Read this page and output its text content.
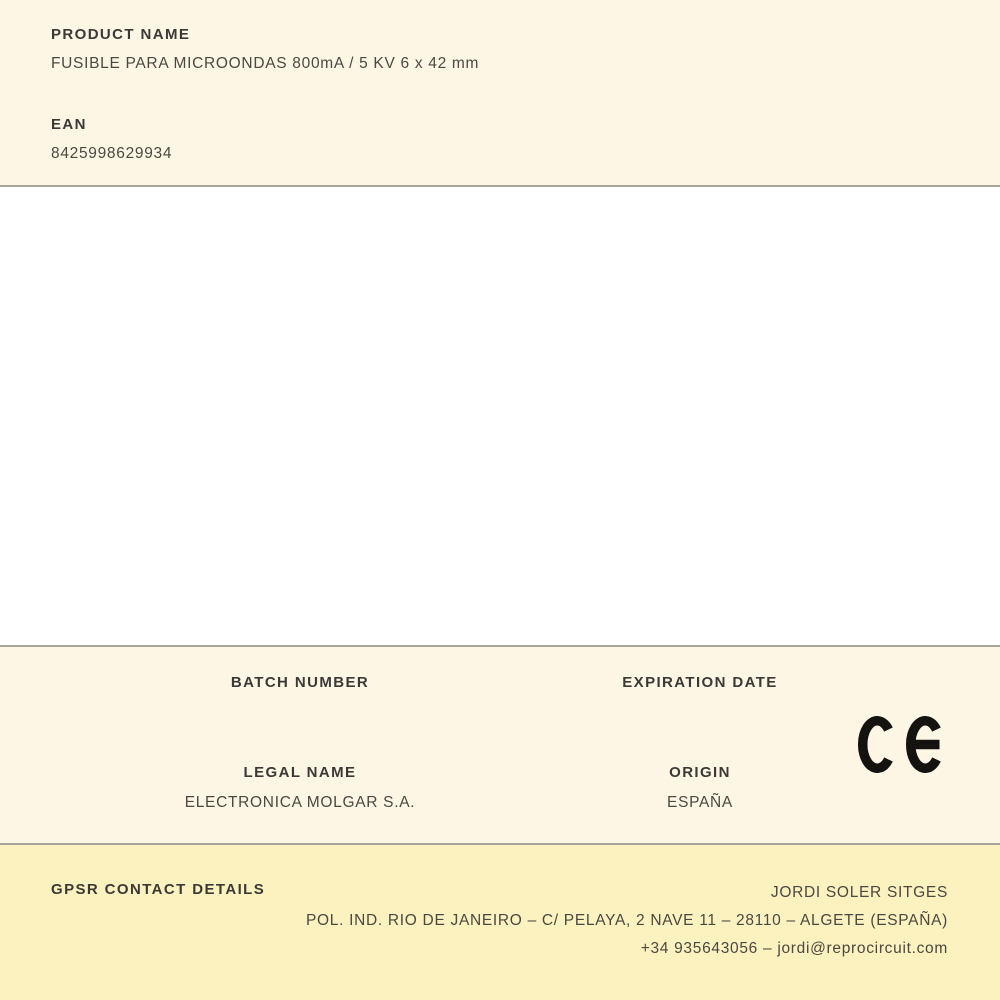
PRODUCT NAME
FUSIBLE PARA MICROONDAS 800mA / 5 KV 6 x 42 mm
EAN
8425998629934
BATCH NUMBER	EXPIRATION DATE
LEGAL NAME
ELECTRONICA MOLGAR S.A.
ORIGIN
ESPAÑA
GPSR CONTACT DETAILS	JORDI SOLER SITGES
POL. IND. RIO DE JANEIRO – C/ PELAYA, 2 NAVE 11 – 28110 – ALGETE (ESPAÑA)
+34 935643056 – jordi@reprocircuit.com
